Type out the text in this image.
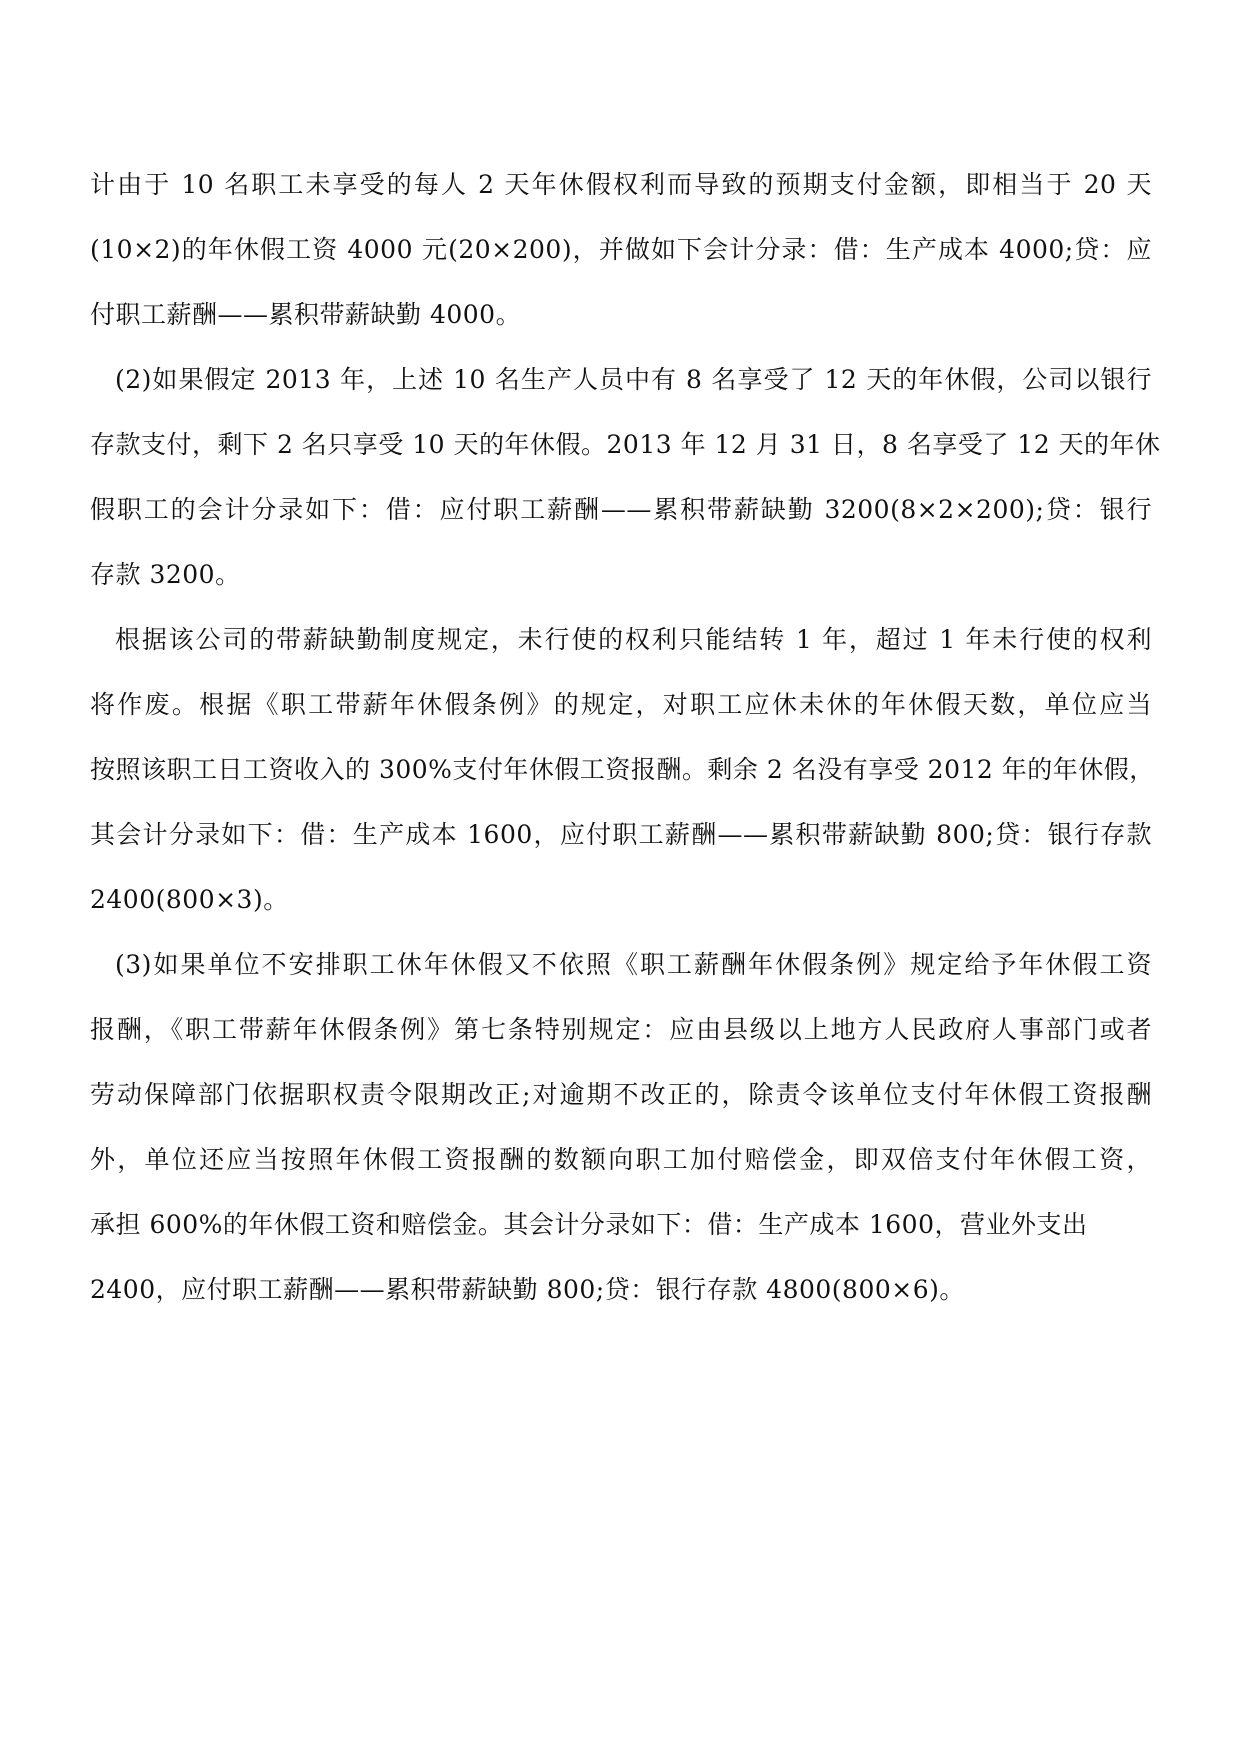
计由于 10 名职工未享受的每人 2 天年休假权利而导致的预期支付金额，即相当于 20 天
(10×2)的年休假工资 4000 元(20×200)，并做如下会计分录：借：生产成本 4000;贷：应
付职工薪酬——累积带薪缺勤 4000。
(2)如果假定 2013 年，上述 10 名生产人员中有 8 名享受了 12 天的年休假，公司以银行
存款支付，剩下 2 名只享受 10 天的年休假。2013 年 12 月 31 日，8 名享受了 12 天的年休
假职工的会计分录如下：借：应付职工薪酬——累积带薪缺勤 3200(8×2×200);贷：银行
存款 3200。
根据该公司的带薪缺勤制度规定，未行使的权利只能结转 1 年，超过 1 年未行使的权利
将作废。根据《职工带薪年休假条例》的规定，对职工应休未休的年休假天数，单位应当
按照该职工日工资收入的 300%支付年休假工资报酬。剩余 2 名没有享受 2012 年的年休假，
其会计分录如下：借：生产成本 1600，应付职工薪酬——累积带薪缺勤 800;贷：银行存款
2400(800×3)。
(3)如果单位不安排职工休年休假又不依照《职工薪酬年休假条例》规定给予年休假工资
报酬，《职工带薪年休假条例》第七条特别规定：应由县级以上地方人民政府人事部门或者
劳动保障部门依据职权责令限期改正;对逾期不改正的，除责令该单位支付年休假工资报酬
外，单位还应当按照年休假工资报酬的数额向职工加付赔偿金，即双倍支付年休假工资，
承担 600%的年休假工资和赔偿金。其会计分录如下：借：生产成本 1600，营业外支出
2400，应付职工薪酬——累积带薪缺勤 800;贷：银行存款 4800(800×6)。
